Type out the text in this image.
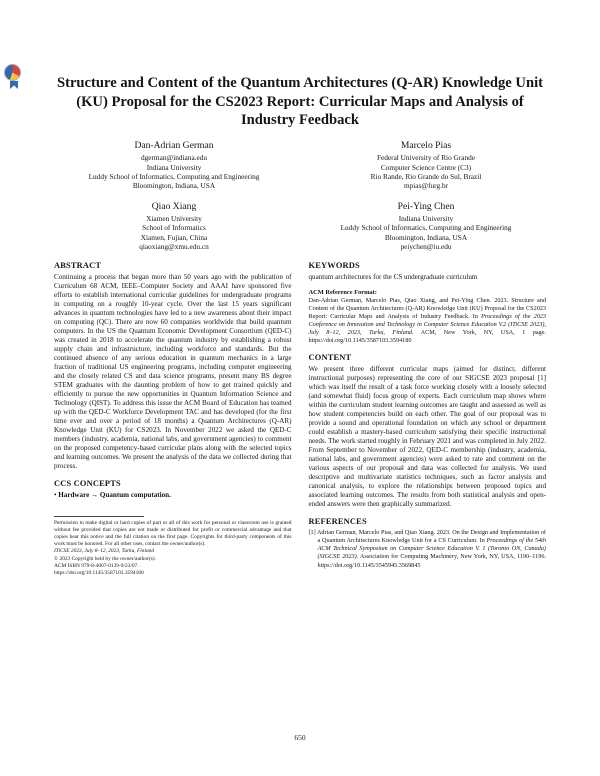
Structure and Content of the Quantum Architectures (Q-AR) Knowledge Unit (KU) Proposal for the CS2023 Report: Curricular Maps and Analysis of Industry Feedback
Dan-Adrian German
dgerman@indiana.edu
Indiana University
Luddy School of Informatics, Computing and Engineering
Bloomington, Indiana, USA
Marcelo Pias
Federal University of Rio Grande
Computer Science Centre (C3)
Rio Rande, Rio Grande do Sul, Brazil
mpias@furg.br
Qiao Xiang
Xiamen University
School of Informatics
Xiamen, Fujian, China
qiaoxiang@xmu.edu.cn
Pei-Ying Chen
Indiana University
Luddy School of Informatics, Computing and Engineering
Bloomington, Indiana, USA
peiychen@iu.edu
ABSTRACT

Continuing a process that began more than 50 years ago with the publication of Curriculum 68 ACM, IEEE–Computer Society and AAAI have sponsored five efforts to establish international curricular guidelines for undergraduate programs in computing on a roughly 10-year cycle. Over the last 15 years significant advances in quantum technologies have led to a new awareness about their impact on computing (QC). There are now 60 companies worldwide that build quantum computers. In the US the Quantum Economic Development Consortium (QED-C) was created in 2018 to accelerate the quantum industry by establishing a robust supply chain and infrastructure, including workforce and standards. But the continued absence of any serious education in quantum mechanics in a large fraction of traditional US engineering programs, including computer engineering and the closely related CS and data science programs, present many BS degree STEM graduates with the daunting problem of how to get trained quickly and efficiently to pursue the new opportunities in Quantum Information Science and Technology (QIST). To address this issue the ACM Board of Education has teamed up with the QED-C Workforce Development TAC and has developed (for the first time ever and over a period of 18 months) a Quantum Architectures (Q-AR) Knowledge Unit (KU) for CS2023. In November 2022 we asked the QED-C members (industry, academia, national labs, and government agencies) to comment on the proposed competency-based curricular plans along with the selected topics and learning outcomes. We present the analysis of the data we collected during that process.

CCS CONCEPTS

• Hardware → Quantum computation.

Permission to make digital or hard copies of part or all of this work for personal or classroom use is granted without fee provided that copies are not made or distributed for profit or commercial advantage and that copies bear this notice and the full citation on the first page. Copyrights for third-party components of this work must be honored. For all other uses, contact the owner/author(s).

ITiCSE 2023, July 8–12, 2023, Turku, Finland

© 2023 Copyright held by the owner/author(s).

ACM ISBN 979-8-4007-0139-9/23/07.

https://doi.org/10.1145/3587103.3594180

KEYWORDS

quantum architectures for the CS undergraduate curriculum

ACM Reference Format:

Dan-Adrian German, Marcelo Pias, Qiao Xiang, and Pei-Ying Chen. 2023. Structure and Content of the Quantum Architectures (Q-AR) Knowledge Unit (KU) Proposal for the CS2023 Report: Curricular Maps and Analysis of Industry Feedback. In Proceedings of the 2023 Conference on Innovation and Technology in Computer Science Education V.2 (ITiCSE 2023), July 8–12, 2023, Turku, Finland. ACM, New York, NY, USA, 1 page. https://doi.org/10.1145/3587103.3594180

CONTENT

We present three different curricular maps (aimed for distinct, different instructional purposes) representing the core of our SIGCSE 2023 proposal [1] which was itself the result of a task force working closely with a loosely selected (and somewhat fluid) focus group of experts. Each curriculum map shows where within the curriculum student learning outcomes are taught and assessed as well as how student competencies build on each other. The goal of our proposal was to provide a sound and operational foundation on which any school or department could establish a mastery-based curriculum satisfying their specific instructional needs. The work started roughly in February 2021 and was completed in July 2022. From September to November of 2022, QED-C membership (industry, academia, national labs, and government agencies) were asked to rate and comment on the various aspects of our proposal and data was collected for analysis. We used descriptive and multivariate statistics techniques, such as factor analysis and canonical analysis, to explore the relationships between proposed topics and associated learning outcomes. The results from both statistical analysis and open-ended answers were then graphically summarized.

REFERENCES

[1] Adrian German, Marcelo Pias, and Qiao Xiang. 2023. On the Design and Implementation of a Quantum Architectures Knowledge Unit for a CS Curriculum. In Proceedings of the 54th ACM Technical Symposium on Computer Science Education V. 1 (Toronto ON, Canada) (SIGCSE 2023). Association for Computing Machinery, New York, NY, USA, 1190–1196. https://doi.org/10.1145/3545945.3569845

650
